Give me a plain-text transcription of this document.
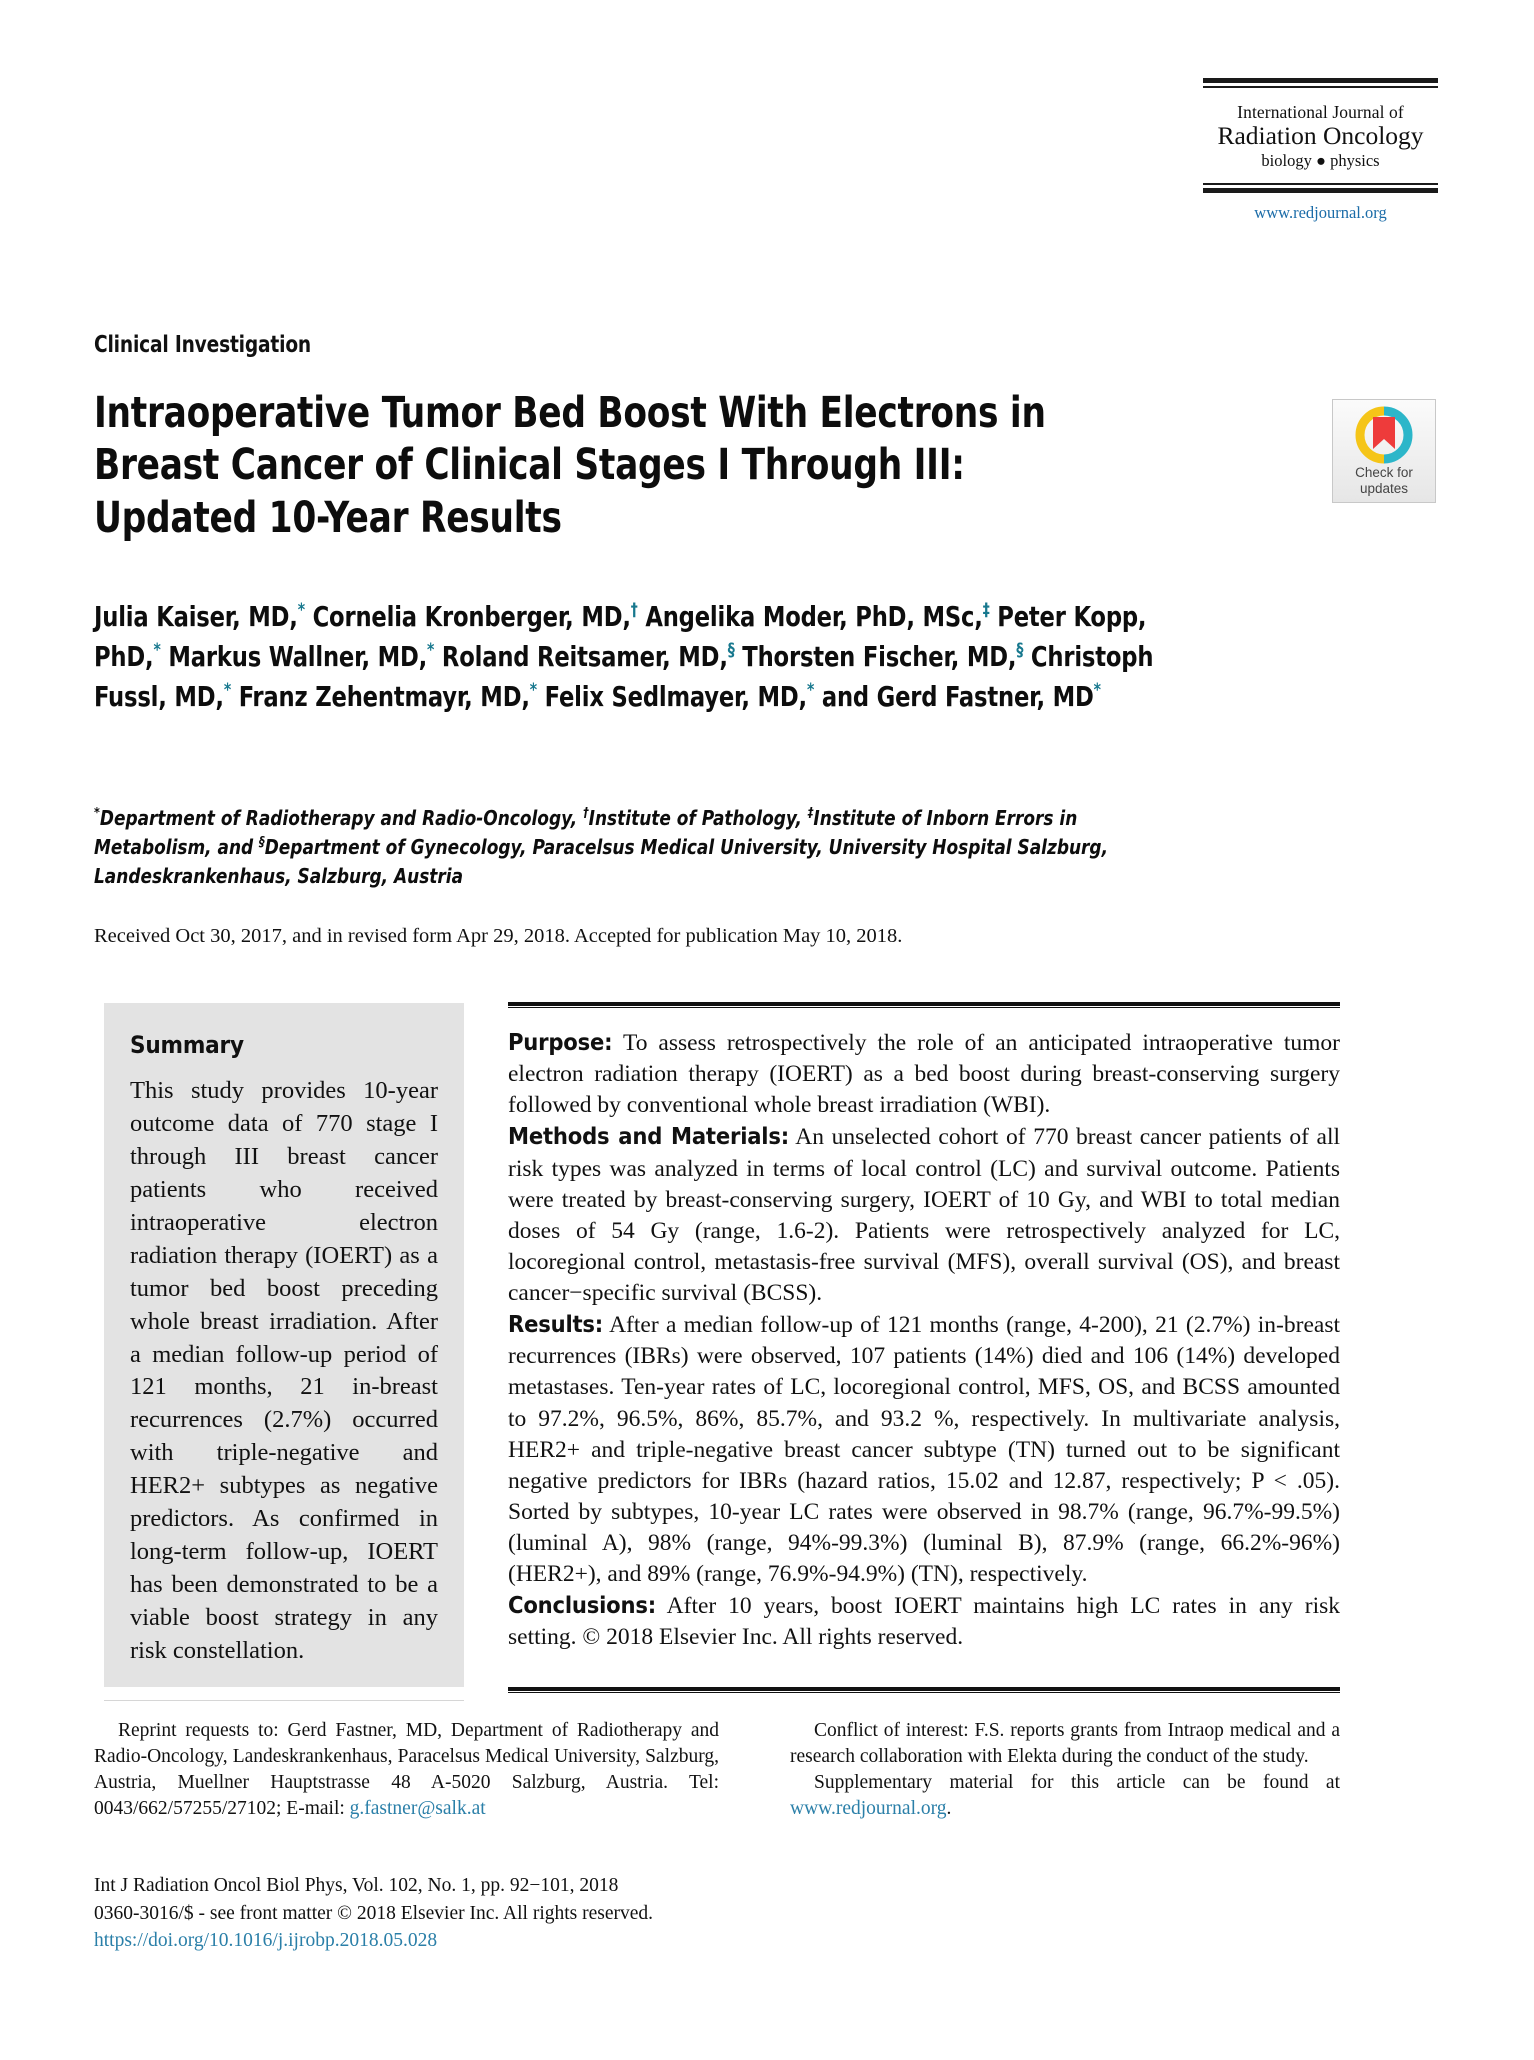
International Journal of
Radiation Oncology
biology ● physics
www.redjournal.org
Check for
updates
Clinical Investigation
Intraoperative Tumor Bed Boost With Electrons in Breast Cancer of Clinical Stages I Through III: Updated 10-Year Results
Julia Kaiser, MD,* Cornelia Kronberger, MD,† Angelika Moder, PhD, MSc,‡ Peter Kopp, PhD,* Markus Wallner, MD,* Roland Reitsamer, MD,§ Thorsten Fischer, MD,§ Christoph Fussl, MD,* Franz Zehentmayr, MD,* Felix Sedlmayer, MD,* and Gerd Fastner, MD*
*Department of Radiotherapy and Radio-Oncology, †Institute of Pathology, ‡Institute of Inborn Errors in Metabolism, and §Department of Gynecology, Paracelsus Medical University, University Hospital Salzburg, Landeskrankenhaus, Salzburg, Austria
Received Oct 30, 2017, and in revised form Apr 29, 2018. Accepted for publication May 10, 2018.
Summary
This study provides 10-year outcome data of 770 stage I through III breast cancer patients who received intraoperative electron radiation therapy (IOERT) as a tumor bed boost preceding whole breast irradiation. After a median follow-up period of 121 months, 21 in-breast recurrences (2.7%) occurred with triple-negative and HER2+ subtypes as negative predictors. As confirmed in long-term follow-up, IOERT has been demonstrated to be a viable boost strategy in any risk constellation.

Purpose: To assess retrospectively the role of an anticipated intraoperative tumor electron radiation therapy (IOERT) as a bed boost during breast-conserving surgery followed by conventional whole breast irradiation (WBI).

Methods and Materials: An unselected cohort of 770 breast cancer patients of all risk types was analyzed in terms of local control (LC) and survival outcome. Patients were treated by breast-conserving surgery, IOERT of 10 Gy, and WBI to total median doses of 54 Gy (range, 1.6-2). Patients were retrospectively analyzed for LC, locoregional control, metastasis-free survival (MFS), overall survival (OS), and breast cancer−specific survival (BCSS).

Results: After a median follow-up of 121 months (range, 4-200), 21 (2.7%) in-breast recurrences (IBRs) were observed, 107 patients (14%) died and 106 (14%) developed metastases. Ten-year rates of LC, locoregional control, MFS, OS, and BCSS amounted to 97.2%, 96.5%, 86%, 85.7%, and 93.2 %, respectively. In multivariate analysis, HER2+ and triple-negative breast cancer subtype (TN) turned out to be significant negative predictors for IBRs (hazard ratios, 15.02 and 12.87, respectively; P < .05). Sorted by subtypes, 10-year LC rates were observed in 98.7% (range, 96.7%-99.5%) (luminal A), 98% (range, 94%-99.3%) (luminal B), 87.9% (range, 66.2%-96%) (HER2+), and 89% (range, 76.9%-94.9%) (TN), respectively.

Conclusions: After 10 years, boost IOERT maintains high LC rates in any risk setting. © 2018 Elsevier Inc. All rights reserved.

Reprint requests to: Gerd Fastner, MD, Department of Radiotherapy and Radio-Oncology, Landeskrankenhaus, Paracelsus Medical University, Salzburg, Austria, Muellner Hauptstrasse 48 A-5020 Salzburg, Austria. Tel: 0043/662/57255/27102; E-mail: g.fastner@salk.at

Conflict of interest: F.S. reports grants from Intraop medical and a research collaboration with Elekta during the conduct of the study.

Supplementary material for this article can be found at www.redjournal.org.

Int J Radiation Oncol Biol Phys, Vol. 102, No. 1, pp. 92−101, 2018
0360-3016/$ - see front matter © 2018 Elsevier Inc. All rights reserved.
https://doi.org/10.1016/j.ijrobp.2018.05.028
